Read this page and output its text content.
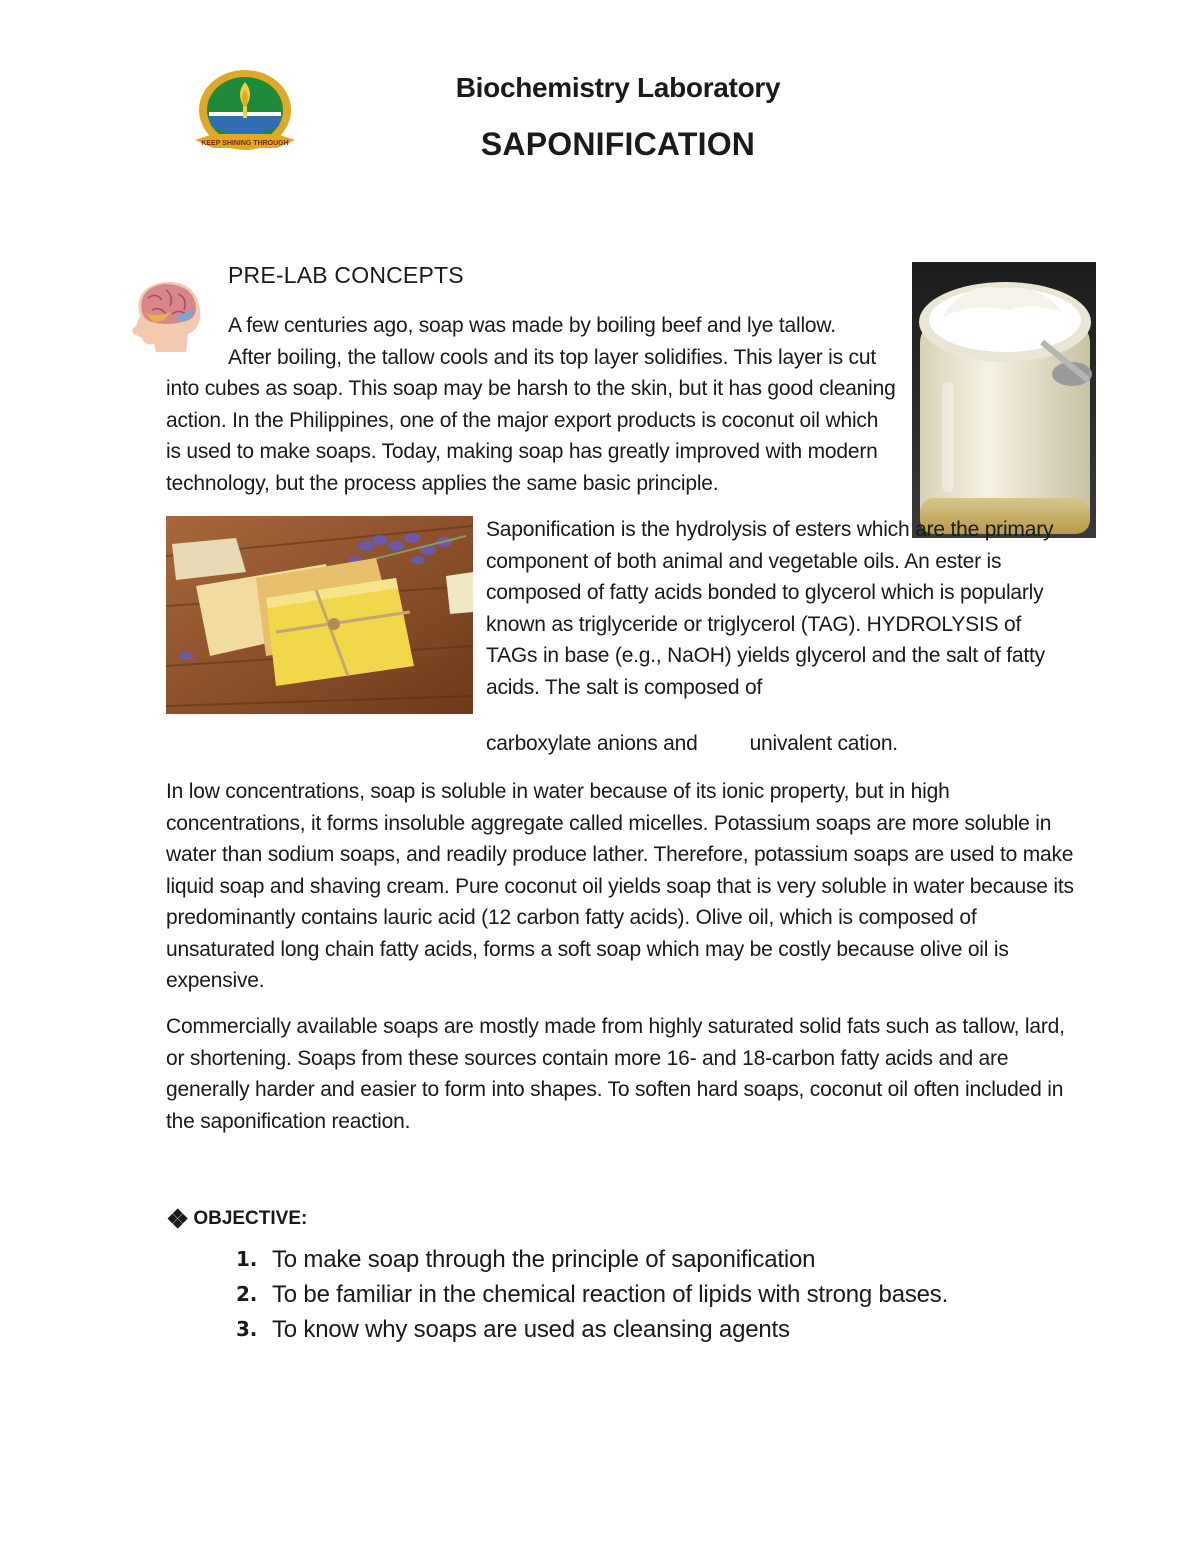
KEEP SHINING THROUGH
Biochemistry Laboratory
SAPONIFICATION
PRE-LAB CONCEPTS
A few centuries ago, soap was made by boiling beef and lye tallow.
After boiling, the tallow cools and its top layer solidifies. This layer is cut
into cubes as soap. This soap may be harsh to the skin, but it has good cleaning action. In the Philippines, one of the major export products is coconut oil which is used to make soaps. Today, making soap has greatly improved with modern technology, but the process applies the same basic principle.
Saponification is the hydrolysis of esters which are the primary component of both animal and vegetable oils. An ester is composed of fatty acids bonded to glycerol which is popularly known as triglyceride or triglycerol (TAG). HYDROLYSIS of TAGs in base (e.g., NaOH) yields glycerol and the salt of fatty acids. The salt is composed of
carboxylate anions and univalent cation.
In low concentrations, soap is soluble in water because of its ionic property, but in high concentrations, it forms insoluble aggregate called micelles. Potassium soaps are more soluble in water than sodium soaps, and readily produce lather. Therefore, potassium soaps are used to make liquid soap and shaving cream. Pure coconut oil yields soap that is very soluble in water because its predominantly contains lauric acid (12 carbon fatty acids). Olive oil, which is composed of unsaturated long chain fatty acids, forms a soft soap which may be costly because olive oil is expensive.
Commercially available soaps are mostly made from highly saturated solid fats such as tallow, lard, or shortening. Soaps from these sources contain more 16- and 18-carbon fatty acids and are generally harder and easier to form into shapes. To soften hard soaps, coconut oil often included in the saponification reaction.
❖ OBJECTIVE:
1. To make soap through the principle of saponification
2. To be familiar in the chemical reaction of lipids with strong bases.
3. To know why soaps are used as cleansing agents
